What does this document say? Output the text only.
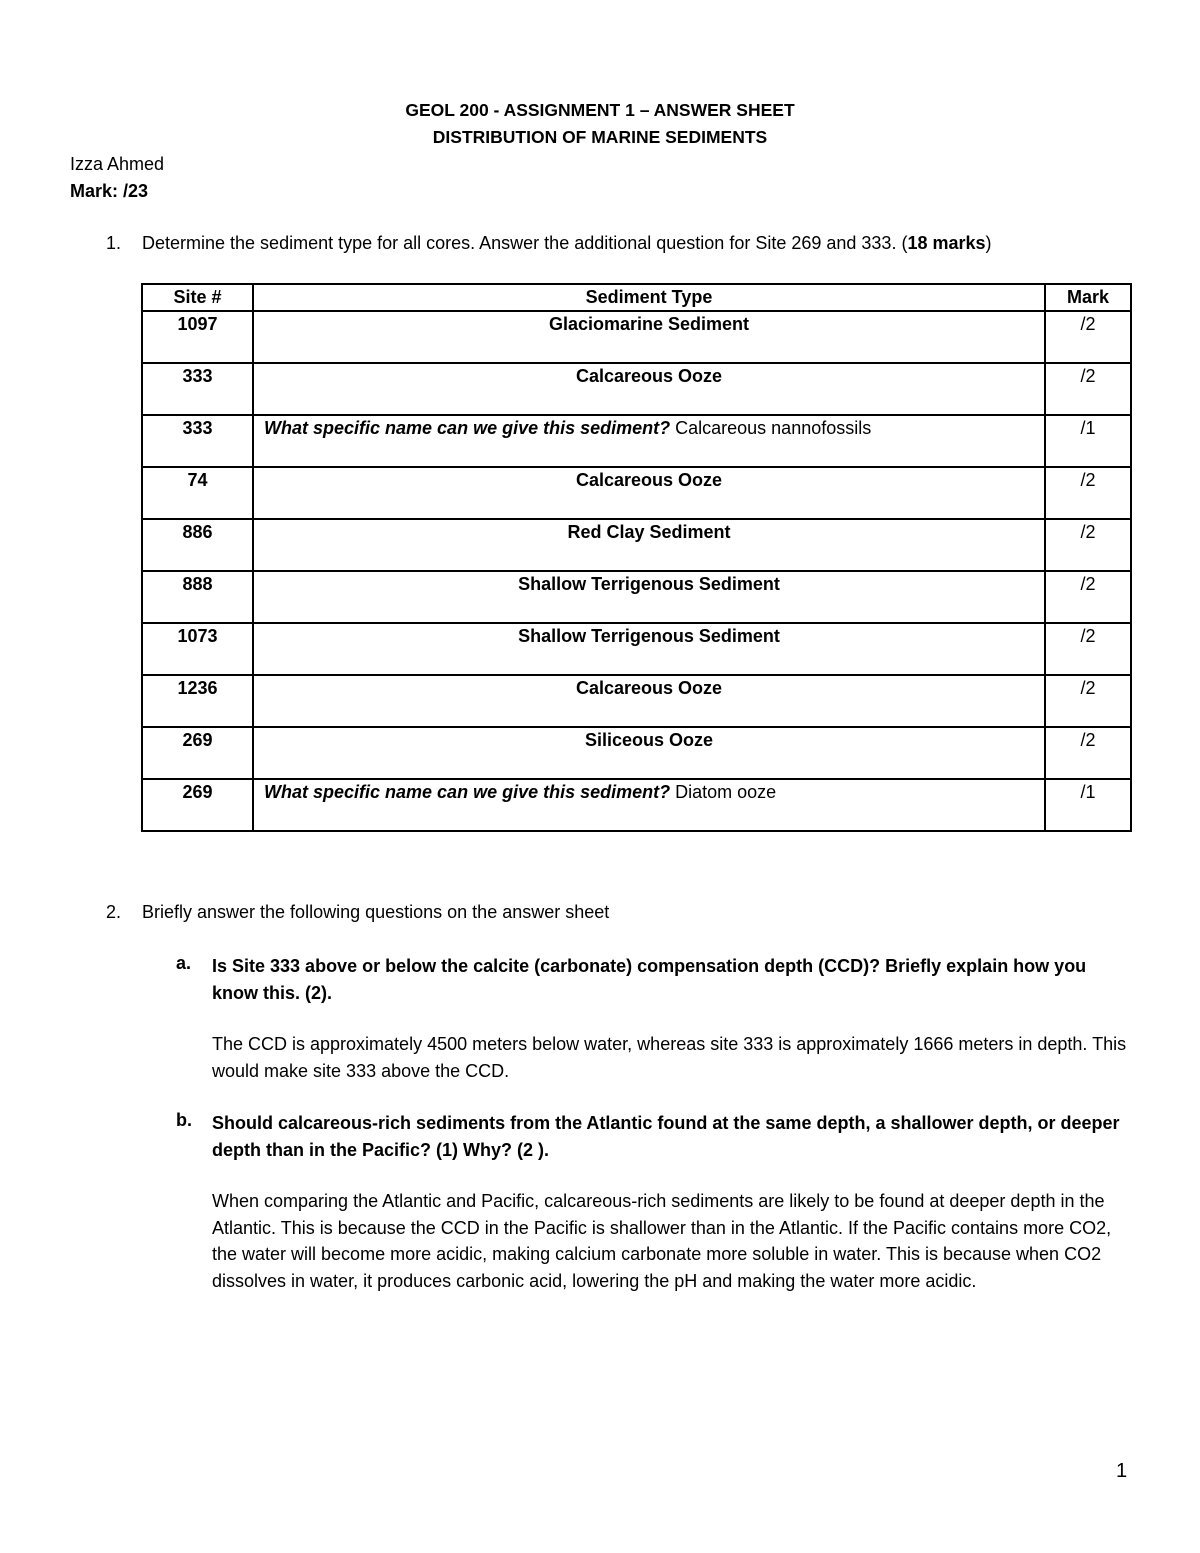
GEOL 200 - ASSIGNMENT 1 – ANSWER SHEET
DISTRIBUTION OF MARINE SEDIMENTS
Izza Ahmed
Mark: /23
1. Determine the sediment type for all cores. Answer the additional question for Site 269 and 333. (18 marks)
Site #	Sediment Type	Mark
1097	Glaciomarine Sediment	/2
333	Calcareous Ooze	/2
333	What specific name can we give this sediment? Calcareous nannofossils	/1
74	Calcareous Ooze	/2
886	Red Clay Sediment	/2
888	Shallow Terrigenous Sediment	/2
1073	Shallow Terrigenous Sediment	/2
1236	Calcareous Ooze	/2
269	Siliceous Ooze	/2
269	What specific name can we give this sediment? Diatom ooze	/1
2. Briefly answer the following questions on the answer sheet
a. Is Site 333 above or below the calcite (carbonate) compensation depth (CCD)? Briefly explain how you know this. (2).
The CCD is approximately 4500 meters below water, whereas site 333 is approximately 1666 meters in depth. This would make site 333 above the CCD.
b. Should calcareous-rich sediments from the Atlantic found at the same depth, a shallower depth, or deeper depth than in the Pacific? (1) Why? (2 ).
When comparing the Atlantic and Pacific, calcareous-rich sediments are likely to be found at deeper depth in the Atlantic. This is because the CCD in the Pacific is shallower than in the Atlantic. If the Pacific contains more CO2, the water will become more acidic, making calcium carbonate more soluble in water. This is because when CO2 dissolves in water, it produces carbonic acid, lowering the pH and making the water more acidic.
1
